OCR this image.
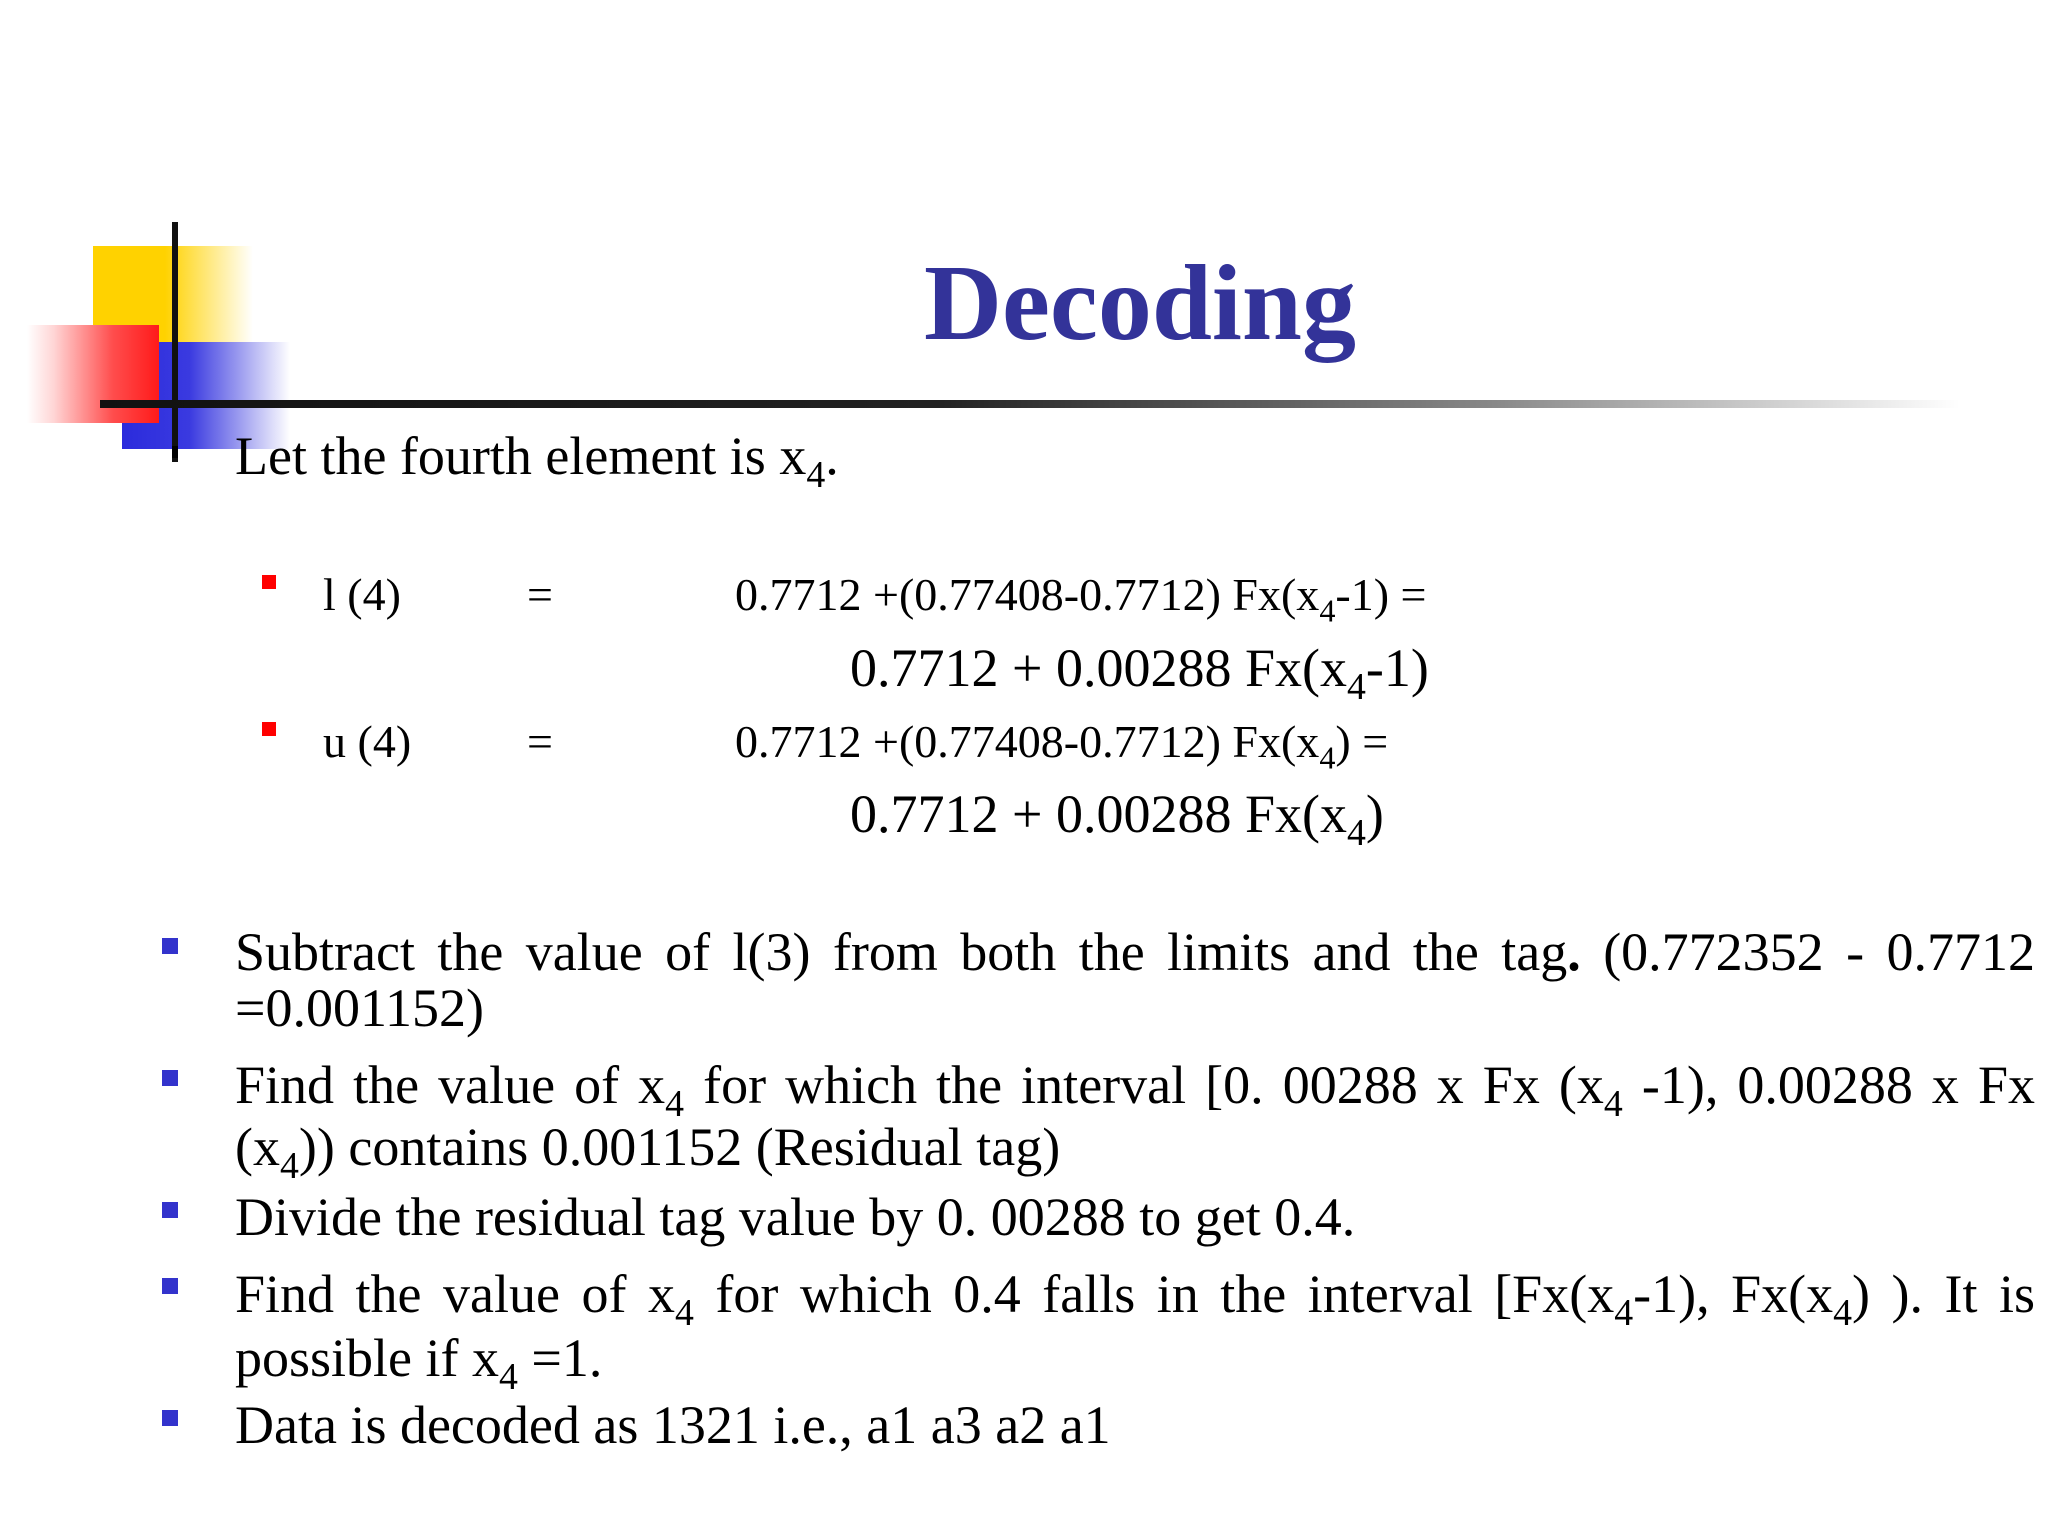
Decoding
Let the fourth element is $x_4$.
l (4)	=	0.7712 +(0.77408-0.7712) $Fx(x_4-1)$ =
0.7712 + 0.00288 $Fx(x_4-1)$
u (4)	=	0.7712 +(0.77408-0.7712) $Fx(x_4)$ =
0.7712 + 0.00288 $Fx(x_4)$
Subtract the value of l(3) from both the limits and the tag. (0.772352 - 0.7712 =0.001152)
Find the value of $x_4$ for which the interval [0. 00288 x Fx ($x_4$ -1), 0.00288 x Fx $(x_4)$) contains 0.001152 (Residual tag)
Divide the residual tag value by 0. 00288 to get 0.4.
Find the value of $x_4$ for which 0.4 falls in the interval [$Fx(x_4-1)$, $Fx(x_4)$ ). It is possible if $x_4 =1$.
Data is decoded as 1321 i.e., a1 a3 a2 a1
